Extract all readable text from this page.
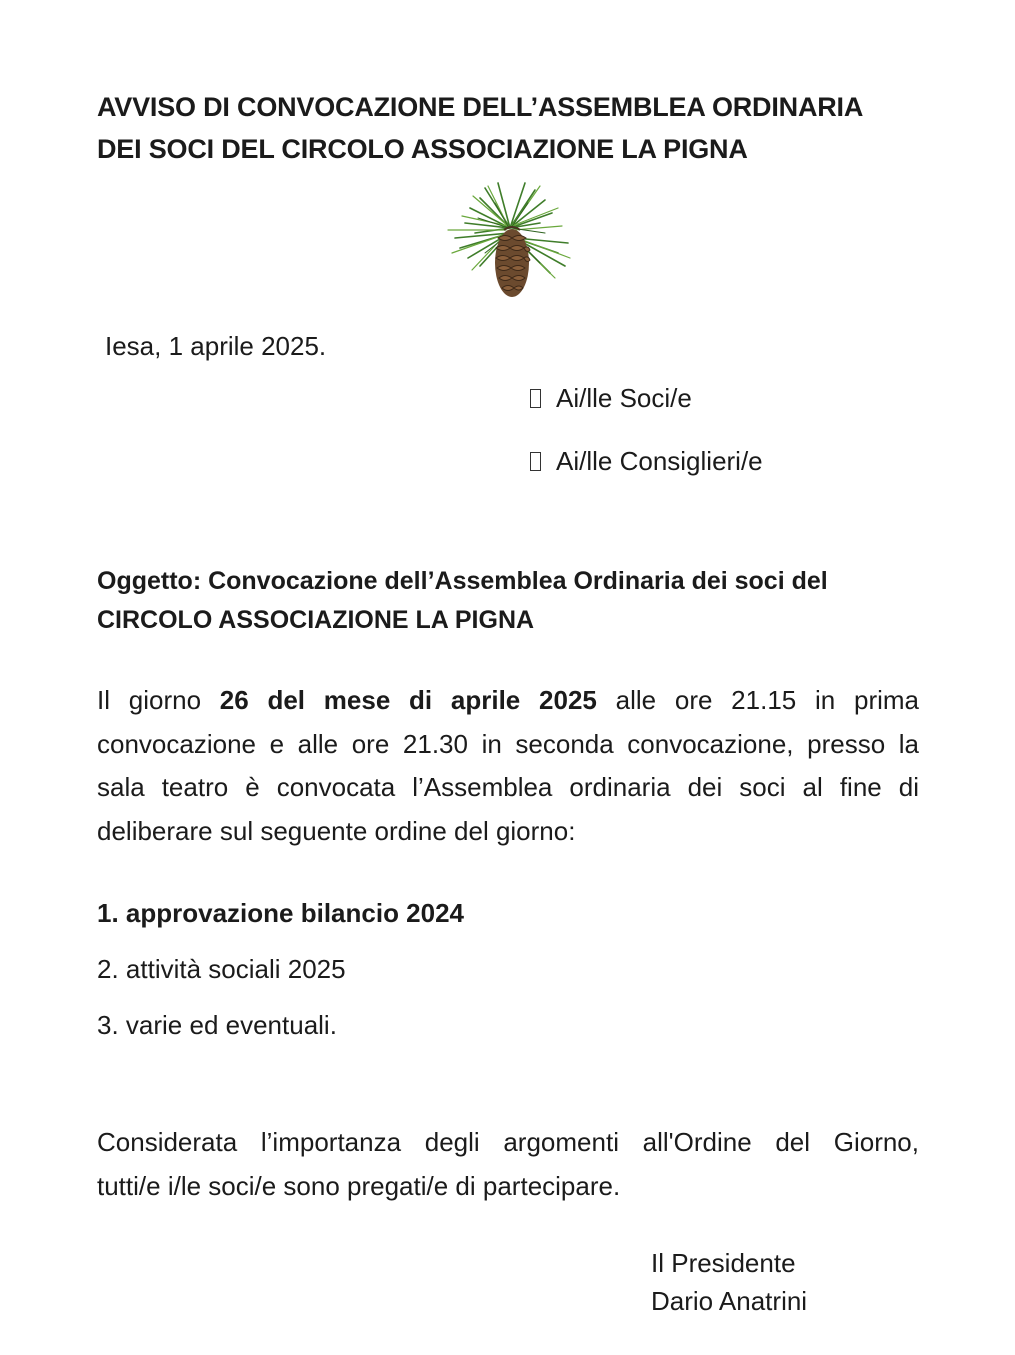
AVVISO DI CONVOCAZIONE DELL’ASSEMBLEA ORDINARIA
DEI SOCI DEL CIRCOLO ASSOCIAZIONE LA PIGNA
Iesa, 1 aprile 2025.
Ai/lle Soci/e
Ai/lle Consiglieri/e
Oggetto: Convocazione dell’Assemblea Ordinaria dei soci del
CIRCOLO ASSOCIAZIONE LA PIGNA
Il giorno 26 del mese di aprile 2025 alle ore 21.15 in prima
convocazione e alle ore 21.30 in seconda convocazione, presso la
sala teatro è convocata l’Assemblea ordinaria dei soci al fine di
deliberare sul seguente ordine del giorno:
1. approvazione bilancio 2024
2. attività sociali 2025
3. varie ed eventuali.
Considerata l’importanza degli argomenti all'Ordine del Giorno,
tutti/e i/le soci/e sono pregati/e di partecipare.
Il Presidente
Dario Anatrini
